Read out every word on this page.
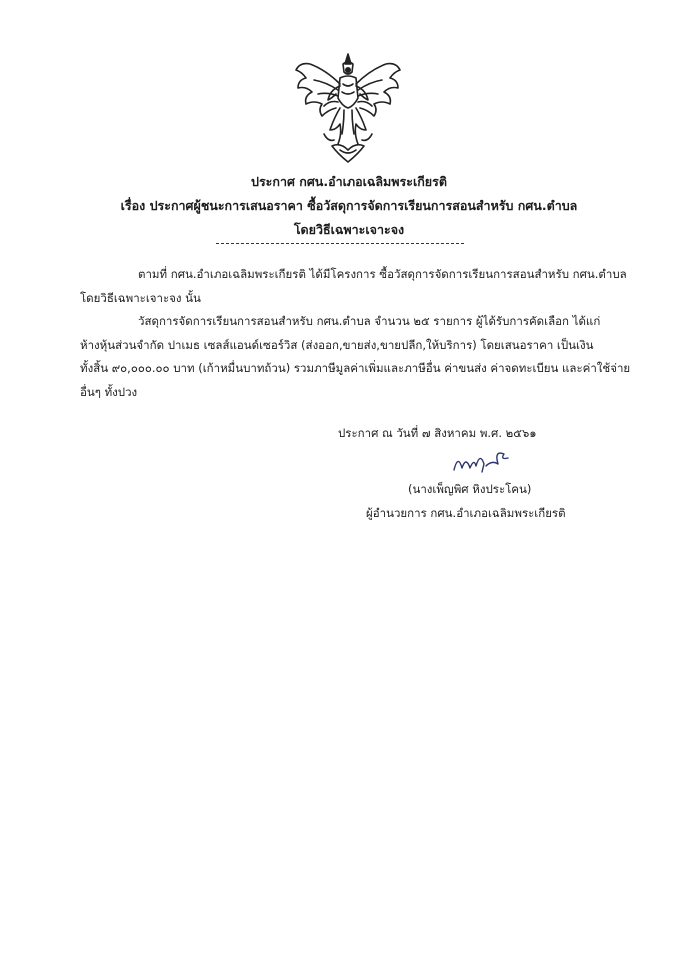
ประกาศ กศน.อำเภอเฉลิมพระเกียรติ
เรื่อง ประกาศผู้ชนะการเสนอราคา ซื้อวัสดุการจัดการเรียนการสอนสำหรับ กศน.ตำบล
โดยวิธีเฉพาะเจาะจง
ตามที่ กศน.อำเภอเฉลิมพระเกียรติ ได้มีโครงการ ซื้อวัสดุการจัดการเรียนการสอนสำหรับ กศน.ตำบล
โดยวิธีเฉพาะเจาะจง นั้น
วัสดุการจัดการเรียนการสอนสำหรับ กศน.ตำบล จำนวน ๒๕ รายการ ผู้ได้รับการคัดเลือก ได้แก่
ห้างหุ้นส่วนจำกัด ปาเมธ เซลส์แอนด์เซอร์วิส (ส่งออก,ขายส่ง,ขายปลีก,ให้บริการ) โดยเสนอราคา เป็นเงิน
ทั้งสิ้น ๙๐,๐๐๐.๐๐ บาท (เก้าหมื่นบาทถ้วน) รวมภาษีมูลค่าเพิ่มและภาษีอื่น ค่าขนส่ง ค่าจดทะเบียน และค่าใช้จ่าย
อื่นๆ ทั้งปวง
ประกาศ ณ วันที่ ๗ สิงหาคม พ.ศ. ๒๕๖๑
(นางเพ็ญพิศ หิงประโคน)
ผู้อำนวยการ กศน.อำเภอเฉลิมพระเกียรติ
